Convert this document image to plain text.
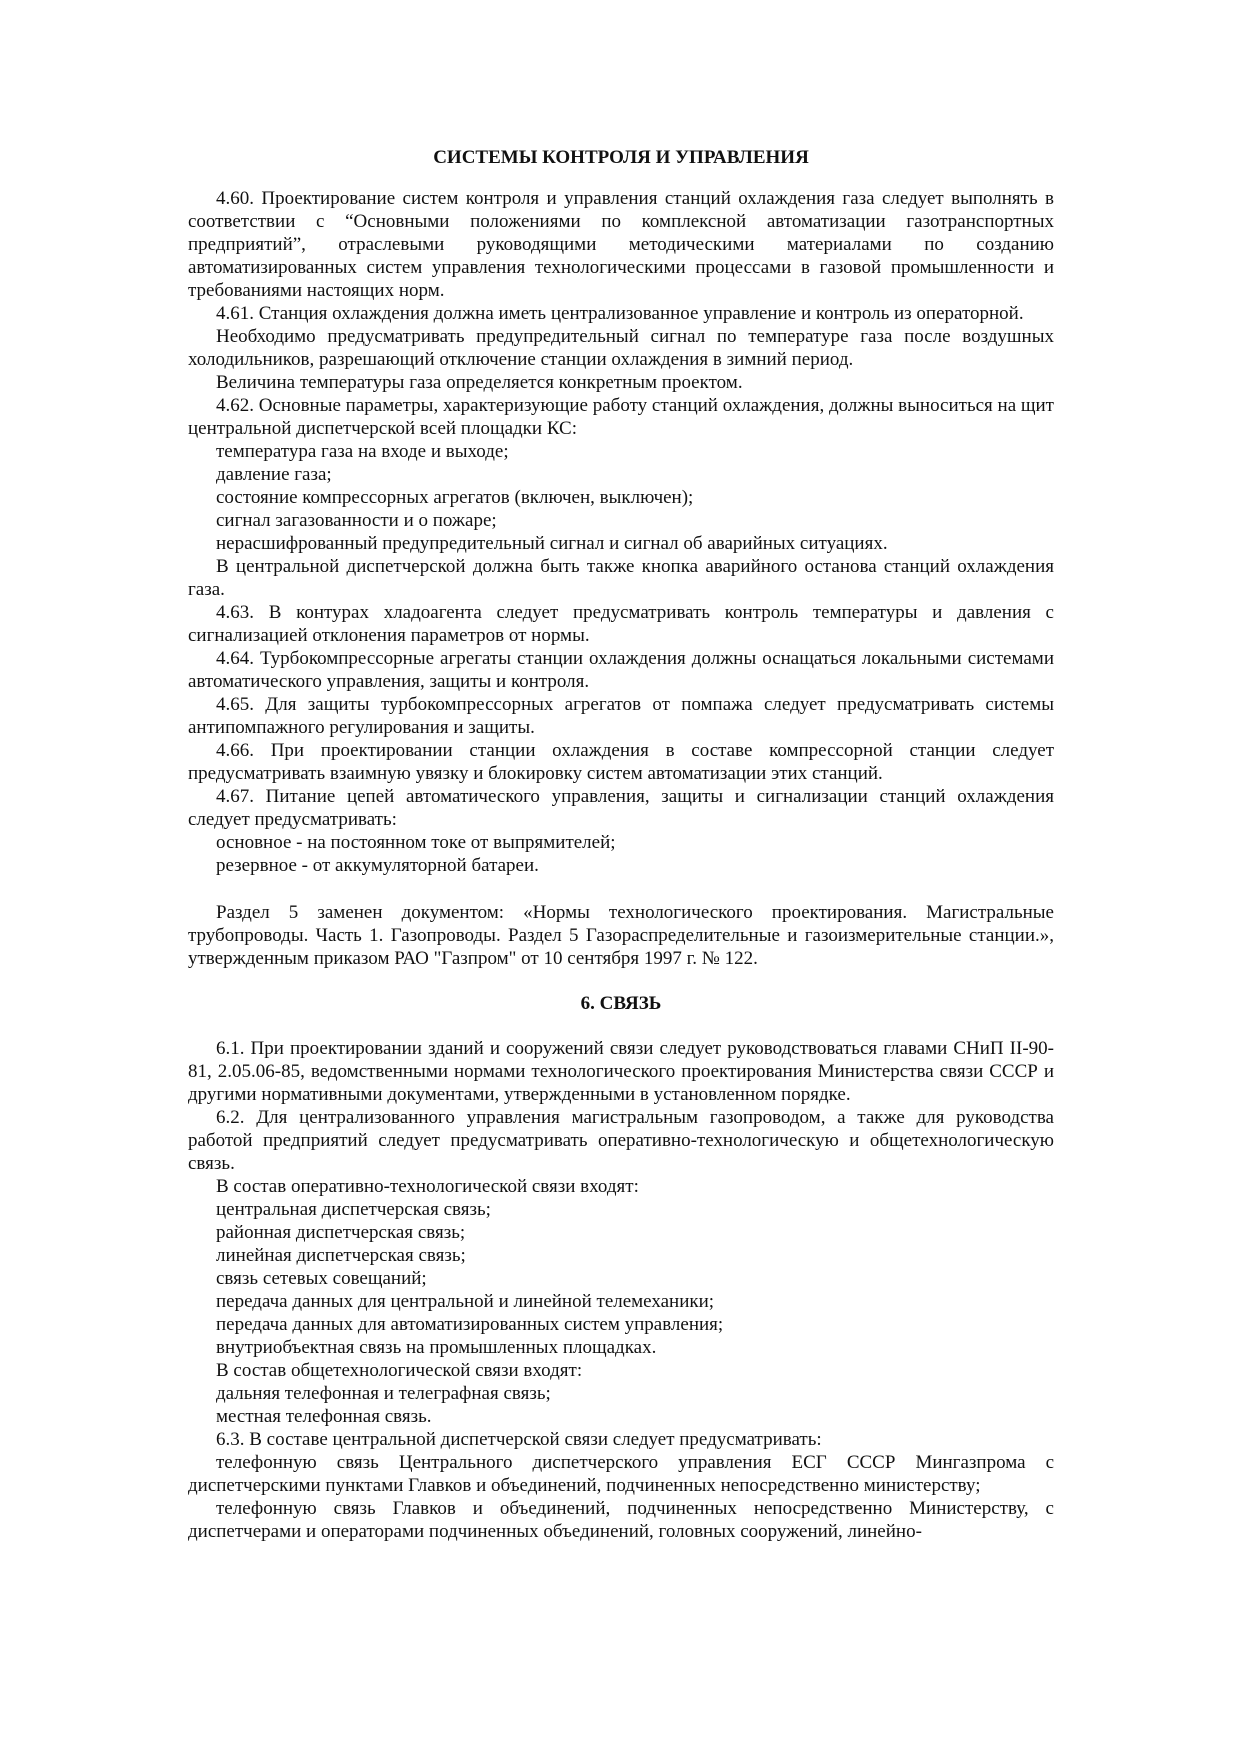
СИСТЕМЫ КОНТРОЛЯ И УПРАВЛЕНИЯ

4.60. Проектирование систем контроля и управления станций охлаждения газа следует выполнять в соответствии с “Основными положениями по комплексной автоматизации газотранспортных предприятий”, отраслевыми руководящими методическими материалами по созданию автоматизированных систем управления технологическими процессами в газовой промышленности и требованиями настоящих норм.

4.61. Станция охлаждения должна иметь централизованное управление и контроль из операторной.

Необходимо предусматривать предупредительный сигнал по температуре газа после воздушных холодильников, разрешающий отключение станции охлаждения в зимний период.

Величина температуры газа определяется конкретным проектом.

4.62. Основные параметры, характеризующие работу станций охлаждения, должны выноситься на щит центральной диспетчерской всей площадки КС:

температура газа на входе и выходе;

давление газа;

состояние компрессорных агрегатов (включен, выключен);

сигнал загазованности и о пожаре;

нерасшифрованный предупредительный сигнал и сигнал об аварийных ситуациях.

В центральной диспетчерской должна быть также кнопка аварийного останова станций охлаждения газа.

4.63. В контурах хладоагента следует предусматривать контроль температуры и давления с сигнализацией отклонения параметров от нормы.

4.64. Турбокомпрессорные агрегаты станции охлаждения должны оснащаться локальными системами автоматического управления, защиты и контроля.

4.65. Для защиты турбокомпрессорных агрегатов от помпажа следует предусматривать системы антипомпажного регулирования и защиты.

4.66. При проектировании станции охлаждения в составе компрессорной станции следует предусматривать взаимную увязку и блокировку систем автоматизации этих станций.

4.67. Питание цепей автоматического управления, защиты и сигнализации станций охлаждения следует предусматривать:

основное - на постоянном токе от выпрямителей;

резервное - от аккумуляторной батареи.

Раздел 5 заменен документом: «Нормы технологического проектирования. Магистральные трубопроводы. Часть 1. Газопроводы. Раздел 5 Газораспределительные и газоизмерительные станции.», утвержденным приказом РАО "Газпром" от 10 сентября 1997 г. № 122.

6. СВЯЗЬ

6.1. При проектировании зданий и сооружений связи следует руководствоваться главами СНиП II-90-81, 2.05.06-85, ведомственными нормами технологического проектирования Министерства связи СССР и другими нормативными документами, утвержденными в установленном порядке.

6.2. Для централизованного управления магистральным газопроводом, а также для руководства работой предприятий следует предусматривать оперативно-технологическую и общетехнологическую связь.

В состав оперативно-технологической связи входят:

центральная диспетчерская связь;

районная диспетчерская связь;

линейная диспетчерская связь;

связь сетевых совещаний;

передача данных для центральной и линейной телемеханики;

передача данных для автоматизированных систем управления;

внутриобъектная связь на промышленных площадках.

В состав общетехнологической связи входят:

дальняя телефонная и телеграфная связь;

местная телефонная связь.

6.3. В составе центральной диспетчерской связи следует предусматривать:

телефонную связь Центрального диспетчерского управления ЕСГ СССР Мингазпрома с диспетчерскими пунктами Главков и объединений, подчиненных непосредственно министерству;

телефонную связь Главков и объединений, подчиненных непосредственно Министерству, с диспетчерами и операторами подчиненных объединений, головных сооружений, линейно-
